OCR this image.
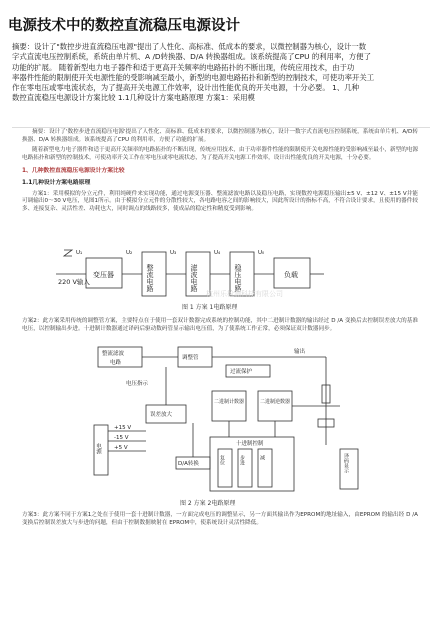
电源技术中的数控直流稳压电源设计
摘要：设计了"数控步进直流稳压电源"提出了人性化、高标准、低成本的要求，以微控制器为核心，设计一数
字式直流电压控制系统，系统由单片机、A /D转换器、D/A 转换器组成。该系统提高了CPU 的利用率，方便了
功能的扩展。 随着新型电力电子器件和适于更高开关频率的电路拓扑的不断出现，传统应用技术，由于功
率器件性能的限制使开关电源性能的受影响减至最小，新型的电源电路拓扑和新型的控制技术，可使功率开关工
作在零电压或零电流状态，为了提高开关电源工作效率，设计出性能优良的开关电源，十分必要。 1、几种
数控直流稳压电源设计方案比较 1.1几种设计方案电路原理 方案1：采用模

摘要：设计了'数控步进直流稳压电源'提出了人性化、高标准、低成本的要求，以微控制器为核心，设计一数字式直流电压控制系统，系统由单片机、A/D转换器、D/A 转换器组成。该系统提高了CPU 的利用率，方便了功能的扩展。

随着新型电力电子器件和适于更高开关频率的电路拓扑的不断出现，传统应用技术，由于功率器件性能的限制使开关电源性能的受影响减至最小，新型的电源电路拓扑和新型的控制技术，可使功率开关工作在零电压或零电流状态，为了提高开关电源工作效率，设计出性能优良的开关电源，十分必要。

1、几种数控直流稳压电源设计方案比较

1.1几种设计方案电路原理

方案1：采用模拟的分立元件，利用纯硬件来实现功能，通过电源变压器、整流滤波电路以及稳压电路，实现数控电源稳压输出±5 V、±12 V、±15 V并能可调输出0～30 V电压，见图1所示。由于模拟分立元件的分散性较大，各电路电容之间的影响较大，因此所设计的指标不高，不符合设计要求，且使用的器件较多、连接复杂、灵活性差、功耗也大，同时调点的线路较多，使成品的稳定性和精度受到影响。

220 V输入
变压器	整流电路	滤波电路	稳压电路	负载
U₁	U₂	U₃	U₄	U₀
杭州乐检测科技有限公司
图 1 方案 1电路原理
方案2：此方案采用传统的调整管方案，主要特点在于使用一套双计数器完成系统的控制功能，其中二进制计数器的输出经过 D /A 变换后去控制误差放大的基准电压，以控制输出步进。十进制计数器通过译码后驱动数码管显示输出电压值，为了使系统工作正常，必须保证双计数器同步。
整流滤波
电路
调整管
过流保护
输出
误差放大
D/A转换
电源
二进制计数器	二进制逆数器
十进制控制
复位	步进	减	译码显示
电压指示
+15 V
-15 V
+5 V
图 2 方案 2电路原理
方案3：此方案不同于方案1之处在于使用一套十进制计数器，一方面完成电压的调整显示，另一方面其输出作为EPROM的地址输入，由EPROM 的输出经 D /A变换后控制误差放大与步进的问题，但由于控制数据映射在 EPROM中，使系统设计灵活性降低。
